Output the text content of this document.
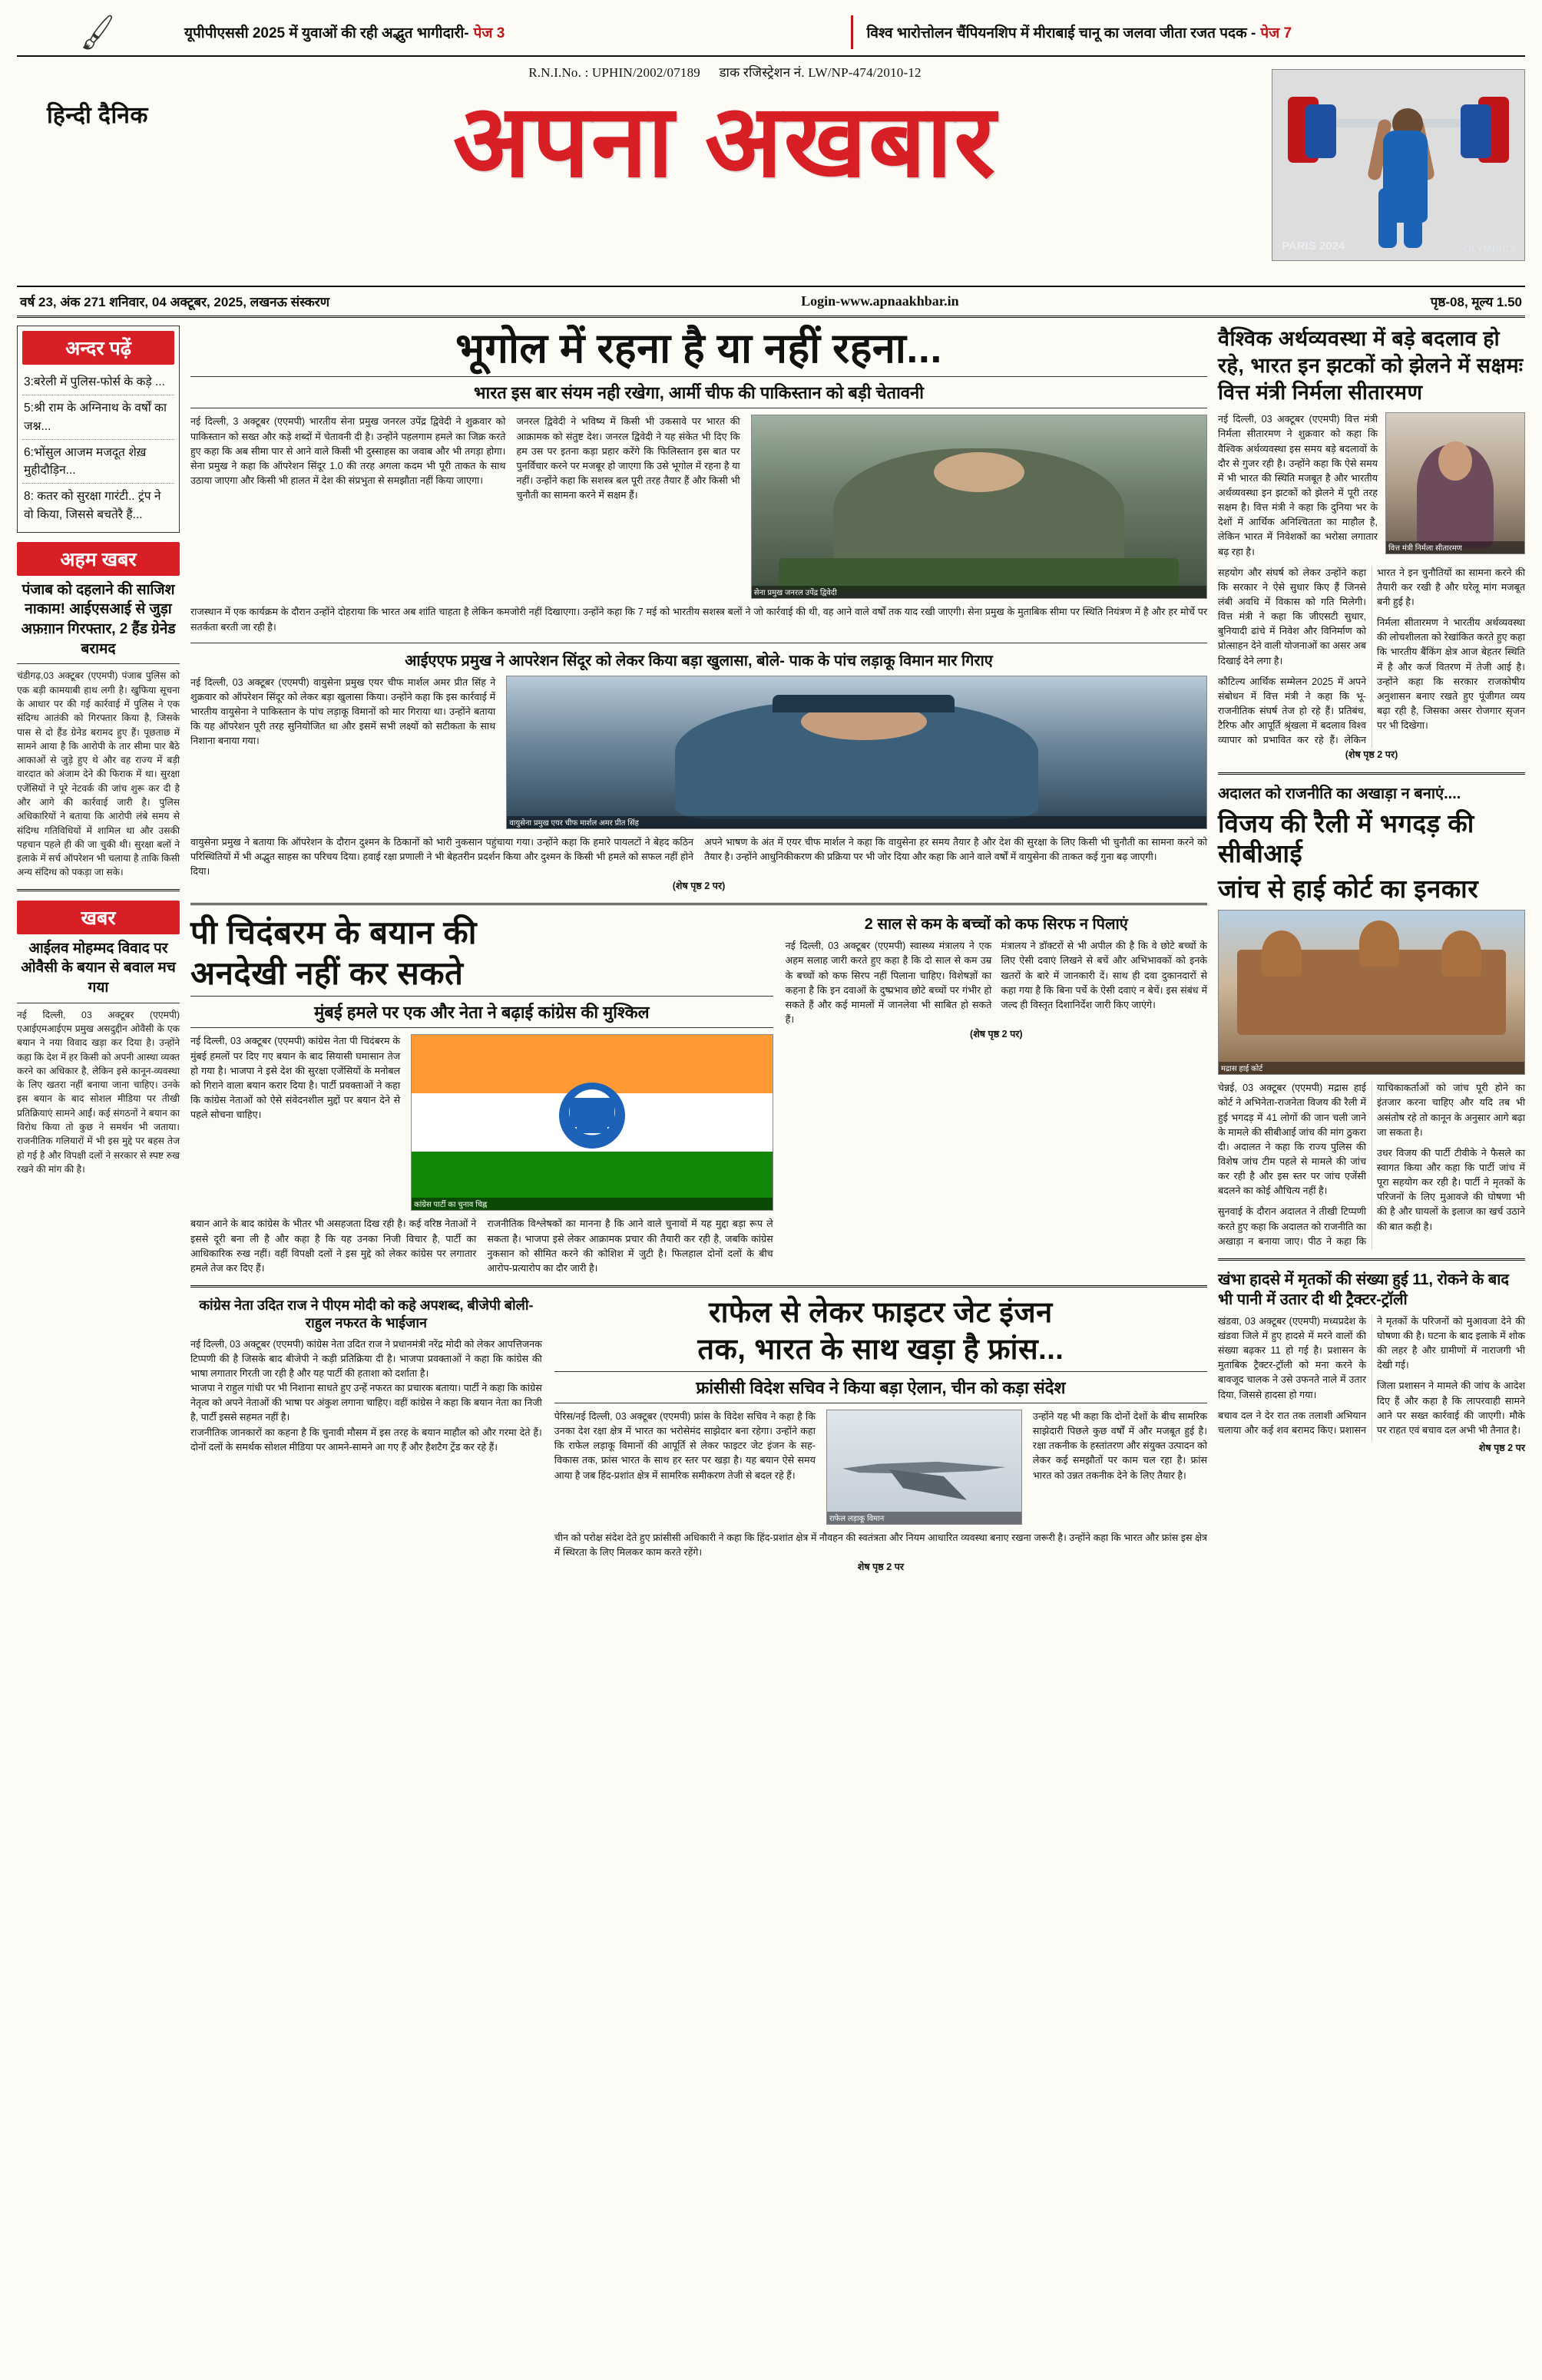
🖌	यूपीपीएससी 2025 में युवाओं की रही अद्भुत भागीदारी- पेज 3	विश्व भारोत्तोलन चैंपियनशिप में मीराबाई चानू का जलवा जीता रजत पदक - पेज 7
हिन्दी दैनिक
R.N.I.No. : UPHIN/2002/07189 डाक रजिस्ट्रेशन नं. LW/NP-474/2010-12
अपना अखबार
PARIS 2024	OLYMPICS
वर्ष 23, अंक 271 शनिवार, 04 अक्टूबर, 2025, लखनऊ संस्करण	Login-www.apnaakhbar.in	पृष्ठ-08, मूल्य 1.50
अन्दर पढ़ें
3:बरेली में पुलिस-फोर्स के कड़े ...
5:श्री राम के अग्निनाथ के वर्षों का जश्न...
6:भोंसुल आजम मजदूत शेख़ मुहीदौड़िन...
8: कतर को सुरक्षा गारंटी.. ट्रंप ने वो किया, जिससे बचतेरै हैं...
अहम खबर
पंजाब को दहलाने की साजिश नाकाम! आईएसआई से जुड़ा अफ़ग़ान गिरफ्तार, 2 हैंड ग्रेनेड बरामद
चंडीगढ़,03 अक्टूबर (एएमपी) पंजाब पुलिस को एक बड़ी कामयाबी हाथ लगी है। खुफिया सूचना के आधार पर की गई कार्रवाई में पुलिस ने एक संदिग्ध आतंकी को गिरफ्तार किया है, जिसके पास से दो हैंड ग्रेनेड बरामद हुए हैं। पूछताछ में सामने आया है कि आरोपी के तार सीमा पार बैठे आकाओं से जुड़े हुए थे और वह राज्य में बड़ी वारदात को अंजाम देने की फिराक में था। सुरक्षा एजेंसियों ने पूरे नेटवर्क की जांच शुरू कर दी है और आगे की कार्रवाई जारी है। पुलिस अधिकारियों ने बताया कि आरोपी लंबे समय से संदिग्ध गतिविधियों में शामिल था और उसकी पहचान पहले ही की जा चुकी थी। सुरक्षा बलों ने इलाके में सर्च ऑपरेशन भी चलाया है ताकि किसी अन्य संदिग्ध को पकड़ा जा सके।
खबर
आईलव मोहम्मद विवाद पर ओवैसी के बयान से बवाल मच गया
नई दिल्ली, 03 अक्टूबर (एएमपी) एआईएमआईएम प्रमुख असदुद्दीन ओवैसी के एक बयान ने नया विवाद खड़ा कर दिया है। उन्होंने कहा कि देश में हर किसी को अपनी आस्था व्यक्त करने का अधिकार है, लेकिन इसे कानून-व्यवस्था के लिए खतरा नहीं बनाया जाना चाहिए। उनके इस बयान के बाद सोशल मीडिया पर तीखी प्रतिक्रियाएं सामने आईं। कई संगठनों ने बयान का विरोध किया तो कुछ ने समर्थन भी जताया। राजनीतिक गलियारों में भी इस मुद्दे पर बहस तेज हो गई है और विपक्षी दलों ने सरकार से स्पष्ट रुख रखने की मांग की है।
भूगोल में रहना है या नहीं रहना...
भारत इस बार संयम नही रखेगा, आर्मी चीफ की पाकिस्तान को बड़ी चेतावनी
नई दिल्ली, 3 अक्टूबर (एएमपी) भारतीय सेना प्रमुख जनरल उपेंद्र द्विवेदी ने शुक्रवार को पाकिस्तान को सख्त और कड़े शब्दों में चेतावनी दी है। उन्होंने पहलगाम हमले का जिक्र करते हुए कहा कि अब सीमा पार से आने वाले किसी भी दुस्साहस का जवाब और भी तगड़ा होगा। सेना प्रमुख ने कहा कि ऑपरेशन सिंदूर 1.0 की तरह अगला कदम भी पूरी ताकत के साथ उठाया जाएगा और किसी भी हालत में देश की संप्रभुता से समझौता नहीं किया जाएगा।
जनरल द्विवेदी ने भविष्य में किसी भी उकसावे पर भारत की आक्रामक को संतुष्ट देश। जनरल द्विवेदी ने यह संकेत भी दिए कि हम उस पर इतना कड़ा प्रहार करेंगे कि फिलिस्तान इस बात पर पुनर्विचार करने पर मजबूर हो जाएगा कि उसे भूगोल में रहना है या नहीं। उन्होंने कहा कि सशस्त्र बल पूरी तरह तैयार हैं और किसी भी चुनौती का सामना करने में सक्षम हैं।
सेना प्रमुख जनरल उपेंद्र द्विवेदी
राजस्थान में एक कार्यक्रम के दौरान उन्होंने दोहराया कि भारत अब शांति चाहता है लेकिन कमजोरी नहीं दिखाएगा। उन्होंने कहा कि 7 मई को भारतीय सशस्त्र बलों ने जो कार्रवाई की थी, वह आने वाले वर्षों तक याद रखी जाएगी। सेना प्रमुख के मुताबिक सीमा पर स्थिति नियंत्रण में है और हर मोर्चे पर सतर्कता बरती जा रही है।
आईएएफ प्रमुख ने आपरेशन सिंदूर को लेकर किया बड़ा खुलासा, बोले- पाक के पांच लड़ाकू विमान मार गिराए
नई दिल्ली, 03 अक्टूबर (एएमपी) वायुसेना प्रमुख एयर चीफ मार्शल अमर प्रीत सिंह ने शुक्रवार को ऑपरेशन सिंदूर को लेकर बड़ा खुलासा किया। उन्होंने कहा कि इस कार्रवाई में भारतीय वायुसेना ने पाकिस्तान के पांच लड़ाकू विमानों को मार गिराया था। उन्होंने बताया कि यह ऑपरेशन पूरी तरह सुनियोजित था और इसमें सभी लक्ष्यों को सटीकता के साथ निशाना बनाया गया।
वायुसेना प्रमुख एयर चीफ मार्शल अमर प्रीत सिंह
वायुसेना प्रमुख ने बताया कि ऑपरेशन के दौरान दुश्मन के ठिकानों को भारी नुकसान पहुंचाया गया। उन्होंने कहा कि हमारे पायलटों ने बेहद कठिन परिस्थितियों में भी अद्भुत साहस का परिचय दिया। हवाई रक्षा प्रणाली ने भी बेहतरीन प्रदर्शन किया और दुश्मन के किसी भी हमले को सफल नहीं होने दिया।
अपने भाषण के अंत में एयर चीफ मार्शल ने कहा कि वायुसेना हर समय तैयार है और देश की सुरक्षा के लिए किसी भी चुनौती का सामना करने को तैयार है। उन्होंने आधुनिकीकरण की प्रक्रिया पर भी जोर दिया और कहा कि आने वाले वर्षों में वायुसेना की ताकत कई गुना बढ़ जाएगी।
(शेष पृष्ठ 2 पर)
पी चिदंबरम के बयान की
अनदेखी नहीं कर सकते
मुंबई हमले पर एक और नेता ने बढ़ाई कांग्रेस की मुश्किल
नई दिल्ली, 03 अक्टूबर (एएमपी) कांग्रेस नेता पी चिदंबरम के मुंबई हमलों पर दिए गए बयान के बाद सियासी घमासान तेज हो गया है। भाजपा ने इसे देश की सुरक्षा एजेंसियों के मनोबल को गिराने वाला बयान करार दिया है। पार्टी प्रवक्ताओं ने कहा कि कांग्रेस नेताओं को ऐसे संवेदनशील मुद्दों पर बयान देने से पहले सोचना चाहिए।
कांग्रेस पार्टी का चुनाव चिह्न
बयान आने के बाद कांग्रेस के भीतर भी असहजता दिख रही है। कई वरिष्ठ नेताओं ने इससे दूरी बना ली है और कहा है कि यह उनका निजी विचार है, पार्टी का आधिकारिक रुख नहीं। वहीं विपक्षी दलों ने इस मुद्दे को लेकर कांग्रेस पर लगातार हमले तेज कर दिए हैं।
राजनीतिक विश्लेषकों का मानना है कि आने वाले चुनावों में यह मुद्दा बड़ा रूप ले सकता है। भाजपा इसे लेकर आक्रामक प्रचार की तैयारी कर रही है, जबकि कांग्रेस नुकसान को सीमित करने की कोशिश में जुटी है। फिलहाल दोनों दलों के बीच आरोप-प्रत्यारोप का दौर जारी है।
2 साल से कम के बच्चों को कफ सिरफ न पिलाएं
नई दिल्ली, 03 अक्टूबर (एएमपी) स्वास्थ्य मंत्रालय ने एक अहम सलाह जारी करते हुए कहा है कि दो साल से कम उम्र के बच्चों को कफ सिरप नहीं पिलाना चाहिए। विशेषज्ञों का कहना है कि इन दवाओं के दुष्प्रभाव छोटे बच्चों पर गंभीर हो सकते हैं और कई मामलों में जानलेवा भी साबित हो सकते हैं।
मंत्रालय ने डॉक्टरों से भी अपील की है कि वे छोटे बच्चों के लिए ऐसी दवाएं लिखने से बचें और अभिभावकों को इनके खतरों के बारे में जानकारी दें। साथ ही दवा दुकानदारों से कहा गया है कि बिना पर्चे के ऐसी दवाएं न बेचें। इस संबंध में जल्द ही विस्तृत दिशानिर्देश जारी किए जाएंगे।
(शेष पृष्ठ 2 पर)
कांग्रेस नेता उदित राज ने पीएम मोदी को कहे अपशब्द, बीजेपी बोली-राहुल नफरत के भाईजान
नई दिल्ली, 03 अक्टूबर (एएमपी) कांग्रेस नेता उदित राज ने प्रधानमंत्री नरेंद्र मोदी को लेकर आपत्तिजनक टिप्पणी की है जिसके बाद बीजेपी ने कड़ी प्रतिक्रिया दी है। भाजपा प्रवक्ताओं ने कहा कि कांग्रेस की भाषा लगातार गिरती जा रही है और यह पार्टी की हताशा को दर्शाता है।
भाजपा ने राहुल गांधी पर भी निशाना साधते हुए उन्हें नफरत का प्रचारक बताया। पार्टी ने कहा कि कांग्रेस नेतृत्व को अपने नेताओं की भाषा पर अंकुश लगाना चाहिए। वहीं कांग्रेस ने कहा कि बयान नेता का निजी है, पार्टी इससे सहमत नहीं है।
राजनीतिक जानकारों का कहना है कि चुनावी मौसम में इस तरह के बयान माहौल को और गरमा देते हैं। दोनों दलों के समर्थक सोशल मीडिया पर आमने-सामने आ गए हैं और हैशटैग ट्रेंड कर रहे हैं।
राफेल से लेकर फाइटर जेट इंजन
तक, भारत के साथ खड़ा है फ्रांस...
फ्रांसीसी विदेश सचिव ने किया बड़ा ऐलान, चीन को कड़ा संदेश
पेरिस/नई दिल्ली, 03 अक्टूबर (एएमपी) फ्रांस के विदेश सचिव ने कहा है कि उनका देश रक्षा क्षेत्र में भारत का भरोसेमंद साझेदार बना रहेगा। उन्होंने कहा कि राफेल लड़ाकू विमानों की आपूर्ति से लेकर फाइटर जेट इंजन के सह-विकास तक, फ्रांस भारत के साथ हर स्तर पर खड़ा है। यह बयान ऐसे समय आया है जब हिंद-प्रशांत क्षेत्र में सामरिक समीकरण तेजी से बदल रहे हैं।
राफेल लड़ाकू विमान
उन्होंने यह भी कहा कि दोनों देशों के बीच सामरिक साझेदारी पिछले कुछ वर्षों में और मजबूत हुई है। रक्षा तकनीक के हस्तांतरण और संयुक्त उत्पादन को लेकर कई समझौतों पर काम चल रहा है। फ्रांस भारत को उन्नत तकनीक देने के लिए तैयार है।
चीन को परोक्ष संदेश देते हुए फ्रांसीसी अधिकारी ने कहा कि हिंद-प्रशांत क्षेत्र में नौवहन की स्वतंत्रता और नियम आधारित व्यवस्था बनाए रखना जरूरी है। उन्होंने कहा कि भारत और फ्रांस इस क्षेत्र में स्थिरता के लिए मिलकर काम करते रहेंगे।
शेष पृष्ठ 2 पर
वैश्विक अर्थव्यवस्था में बड़े बदलाव हो रहे, भारत इन झटकों को झेलने में सक्षमः वित्त मंत्री निर्मला सीतारमण
नई दिल्ली, 03 अक्टूबर (एएमपी) वित्त मंत्री निर्मला सीतारमण ने शुक्रवार को कहा कि वैश्विक अर्थव्यवस्था इस समय बड़े बदलावों के दौर से गुजर रही है। उन्होंने कहा कि ऐसे समय में भी भारत की स्थिति मजबूत है और भारतीय अर्थव्यवस्था इन झटकों को झेलने में पूरी तरह सक्षम है। वित्त मंत्री ने कहा कि दुनिया भर के देशों में आर्थिक अनिश्चितता का माहौल है, लेकिन भारत में निवेशकों का भरोसा लगातार बढ़ रहा है।	वित्त मंत्री निर्मला सीतारमण

सहयोग और संघर्ष को लेकर उन्होंने कहा कि सरकार ने ऐसे सुधार किए हैं जिनसे लंबी अवधि में विकास को गति मिलेगी। वित्त मंत्री ने कहा कि जीएसटी सुधार, बुनियादी ढांचे में निवेश और विनिर्माण को प्रोत्साहन देने वाली योजनाओं का असर अब दिखाई देने लगा है।

कौटिल्य आर्थिक सम्मेलन 2025 में अपने संबोधन में वित्त मंत्री ने कहा कि भू-राजनीतिक संघर्ष तेज हो रहे हैं। प्रतिबंध, टैरिफ और आपूर्ति श्रृंखला में बदलाव विश्व व्यापार को प्रभावित कर रहे हैं। लेकिन भारत ने इन चुनौतियों का सामना करने की तैयारी कर रखी है और घरेलू मांग मजबूत बनी हुई है।

निर्मला सीतारमण ने भारतीय अर्थव्यवस्था की लोचशीलता को रेखांकित करते हुए कहा कि भारतीय बैंकिंग क्षेत्र आज बेहतर स्थिति में है और कर्ज वितरण में तेजी आई है। उन्होंने कहा कि सरकार राजकोषीय अनुशासन बनाए रखते हुए पूंजीगत व्यय बढ़ा रही है, जिसका असर रोजगार सृजन पर भी दिखेगा।

(शेष पृष्ठ 2 पर)
अदालत को राजनीति का अखाड़ा न बनाएं....
विजय की रैली में भगदड़ की सीबीआई
जांच से हाई कोर्ट का इनकार
मद्रास हाई कोर्ट

चेन्नई, 03 अक्टूबर (एएमपी) मद्रास हाई कोर्ट ने अभिनेता-राजनेता विजय की रैली में हुई भगदड़ में 41 लोगों की जान चली जाने के मामले की सीबीआई जांच की मांग ठुकरा दी। अदालत ने कहा कि राज्य पुलिस की विशेष जांच टीम पहले से मामले की जांच कर रही है और इस स्तर पर जांच एजेंसी बदलने का कोई औचित्य नहीं है।

सुनवाई के दौरान अदालत ने तीखी टिप्पणी करते हुए कहा कि अदालत को राजनीति का अखाड़ा न बनाया जाए। पीठ ने कहा कि याचिकाकर्ताओं को जांच पूरी होने का इंतजार करना चाहिए और यदि तब भी असंतोष रहे तो कानून के अनुसार आगे बढ़ा जा सकता है।

उधर विजय की पार्टी टीवीके ने फैसले का स्वागत किया और कहा कि पार्टी जांच में पूरा सहयोग कर रही है। पार्टी ने मृतकों के परिजनों के लिए मुआवजे की घोषणा भी की है और घायलों के इलाज का खर्च उठाने की बात कही है।

खंभा हादसे में मृतकों की संख्या हुई 11, रोकने के बाद भी पानी में उतार दी थी ट्रैक्टर-ट्रॉली

खंडवा, 03 अक्टूबर (एएमपी) मध्यप्रदेश के खंडवा जिले में हुए हादसे में मरने वालों की संख्या बढ़कर 11 हो गई है। प्रशासन के मुताबिक ट्रैक्टर-ट्रॉली को मना करने के बावजूद चालक ने उसे उफनते नाले में उतार दिया, जिससे हादसा हो गया।

बचाव दल ने देर रात तक तलाशी अभियान चलाया और कई शव बरामद किए। प्रशासन ने मृतकों के परिजनों को मुआवजा देने की घोषणा की है। घटना के बाद इलाके में शोक की लहर है और ग्रामीणों में नाराजगी भी देखी गई।

जिला प्रशासन ने मामले की जांच के आदेश दिए हैं और कहा है कि लापरवाही सामने आने पर सख्त कार्रवाई की जाएगी। मौके पर राहत एवं बचाव दल अभी भी तैनात है।

शेष पृष्ठ 2 पर
